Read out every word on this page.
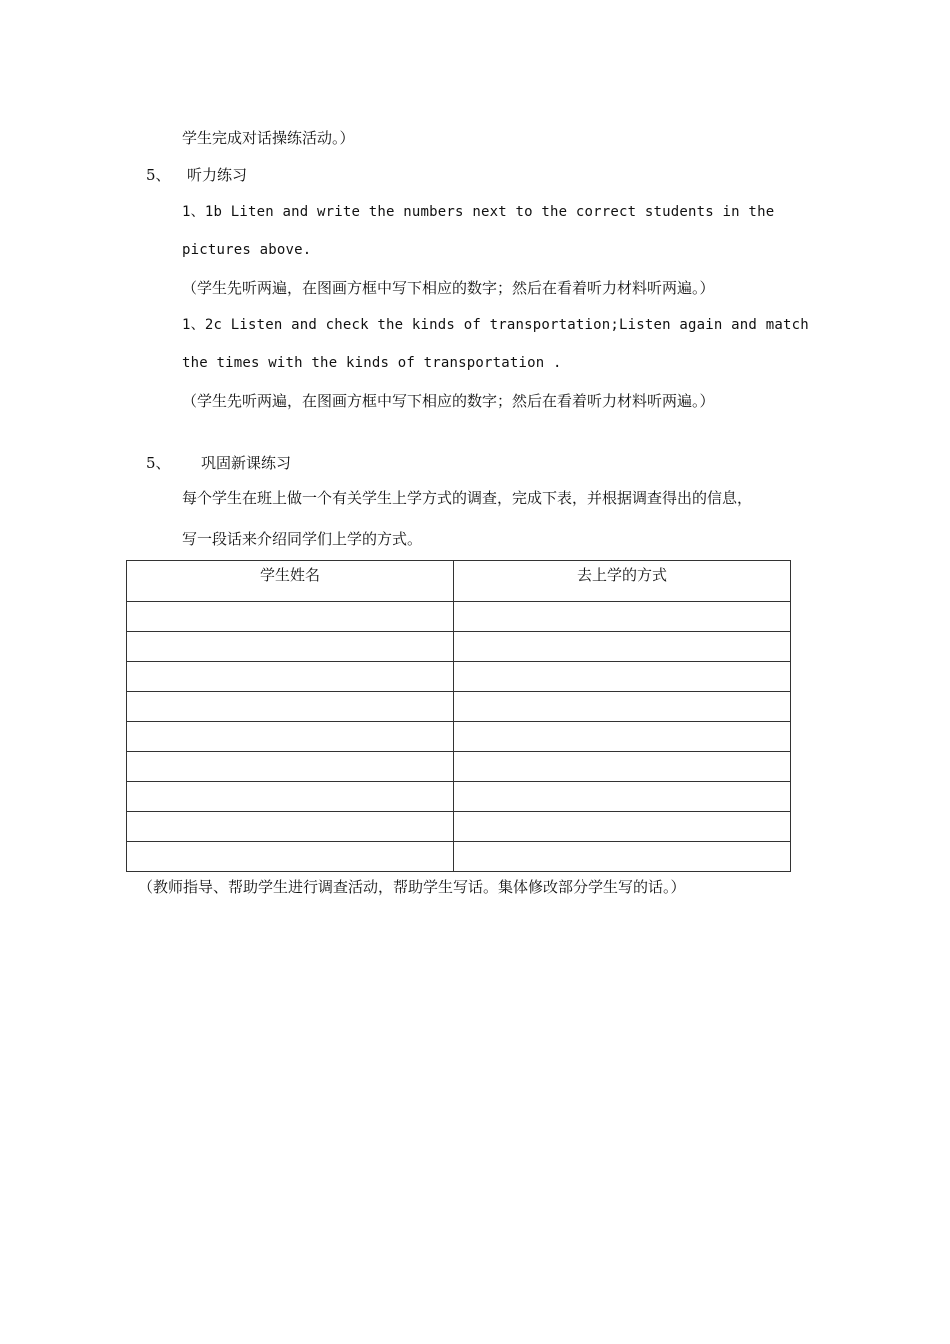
学生完成对话操练活动。）
5、 听力练习
1、1b Liten and write the numbers next to the correct students in the
pictures above.
（学生先听两遍，在图画方框中写下相应的数字；然后在看着听力材料听两遍。）
1、2c Listen and check the kinds of transportation;Listen again and match
the times with the kinds of transportation .
（学生先听两遍，在图画方框中写下相应的数字；然后在看着听力材料听两遍。）
5、 巩固新课练习
每个学生在班上做一个有关学生上学方式的调查，完成下表，并根据调查得出的信息，
写一段话来介绍同学们上学的方式。
学生姓名	去上学的方式

（教师指导、帮助学生进行调查活动，帮助学生写话。集体修改部分学生写的话。）
